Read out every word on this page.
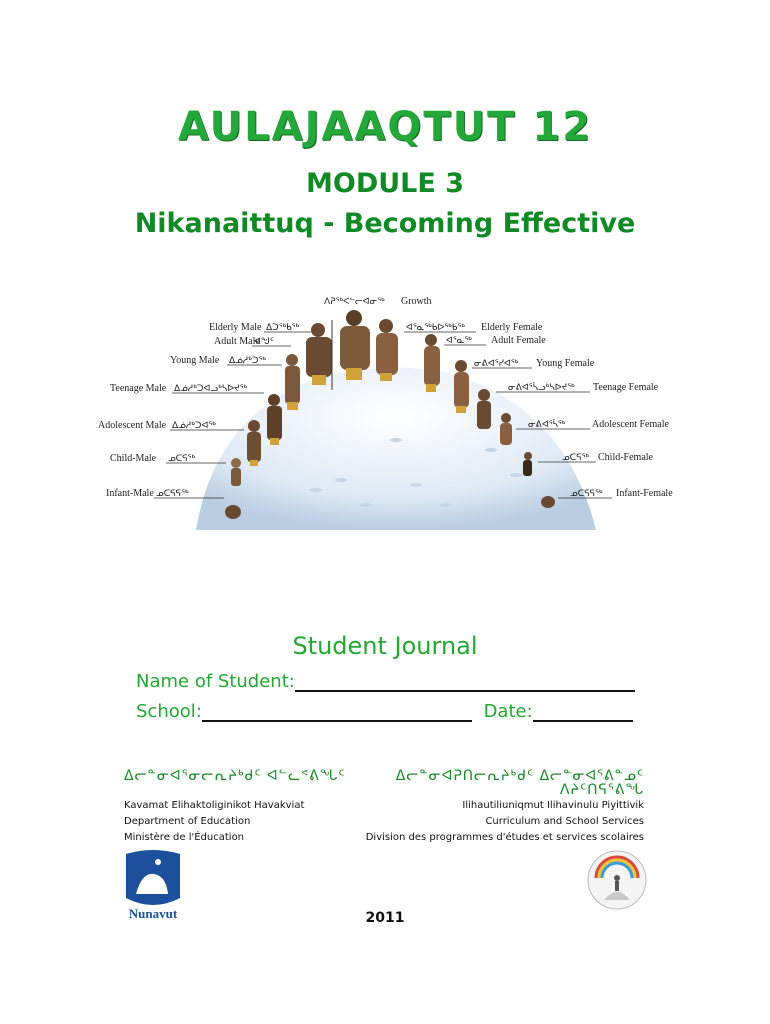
AULAJAAQTUT 12
MODULE 3
Nikanaittuq - Becoming Effective
ᐱᕈᖅᐸᓪᓕᐊᓂᖅ Growth
Elderly Male ᐃᑐᖅᑲᖅ
Adult Male
ᐊᖑᑦ
Young Male ᐃᓅᓱᒃᑐᖅ
Teenage Male ᐃᓅᓱᒃᑐᐊᓗᒃᓴᐅᔪᖅ
Adolescent Male ᐃᓅᓱᒃᑐᐊᖅ
Child-Male ᓄᑕᕋᖅ
Infant-Male ᓄᑕᕋᕋᖅ
ᐊᕐᓇᖅᑲᐅᖅᑲᖅ Elderly Female
ᐊᕐᓇᖅ Adult Female
ᓂᕕᐊᕐᓯᐊᖅ Young Female
ᓂᕕᐊᕐᓵᓗᒃᓴᐅᔪᖅ Teenage Female
ᓂᕕᐊᕐᓵᖅ	Adolescent Female
ᓄᑕᕋᖅ Child-Female
ᓄᑕᕋᕋᖅ Infant-Female
Student Journal
Name of Student:
School:	Date:
ᐃᓕᓐᓂᐊᕐᓂᓕᕆᔨᒃᑯᑦ ᐊᓪᓚᕝᕕᖓᑦ
Kavamat Elihaktoliginikot Havakviat
Department of Education
Ministère de l'Éducation
ᐃᓕᓐᓂᐊᕈᑎᓕᕆᔨᒃᑯᑦ ᐃᓕᓐᓂᐊᕐᕕᓐᓄᑦ
ᐱᔨᑦᑎᕋᕐᕕᖓ
Ilihautiliuniqmut Ilihavinulu Piyittivik
Curriculum and School Services
Division des programmes d'études et services scolaires
ᓄᓇᕗᑦ
Nunavut	2011
